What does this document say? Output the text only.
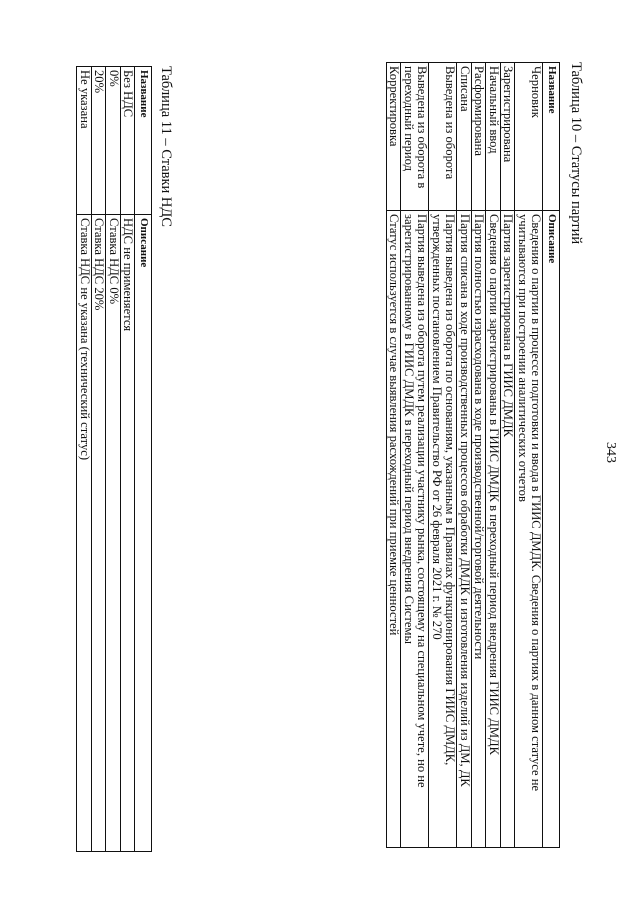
343
Таблица 10 – Статусы партий
Название	Описание
Черновик	Сведения о партии в процессе подготовки и ввода в ГИИС ДМДК. Сведения о партиях в данном статусе не учитываются при построении аналитических отчетов
Зарегистрирована	Партия зарегистрирована в ГИИС ДМДК
Начальный ввод	Сведения о партии зарегистрированы в ГИИС ДМДК в переходный период внедрения ГИИС ДМДК
Расформирована	Партия полностью израсходована в ходе производственной/торговой деятельности
Списана	Партия списана в ходе производственных процессов обработки ДМДК и изготовления изделий из ДМ, ДК
Выведена из оборота	Партия выведена из оборота по основаниям, указанным в Правилах функционирования ГИИС ДМДК, утвержденных постановлением Правительство РФ от 26 февраля 2021 г. № 270
Выведена из оборота в переходный период	Партия выведена из оборота путем реализации участнику рынка, состоящему на специальном учете, но не зарегистрированному в ГИИС ДМДК в переходный период внедрения Системы
Корректировка	Статус используется в случае выявления расхождений при приемке ценностей
Таблица 11 – Ставки НДС
Название	Описание
Без НДС	НДС не применяется
0%	Ставка НДС 0%
20%	Ставка НДС 20%
Не указана	Ставка НДС не указана (технический статус)
